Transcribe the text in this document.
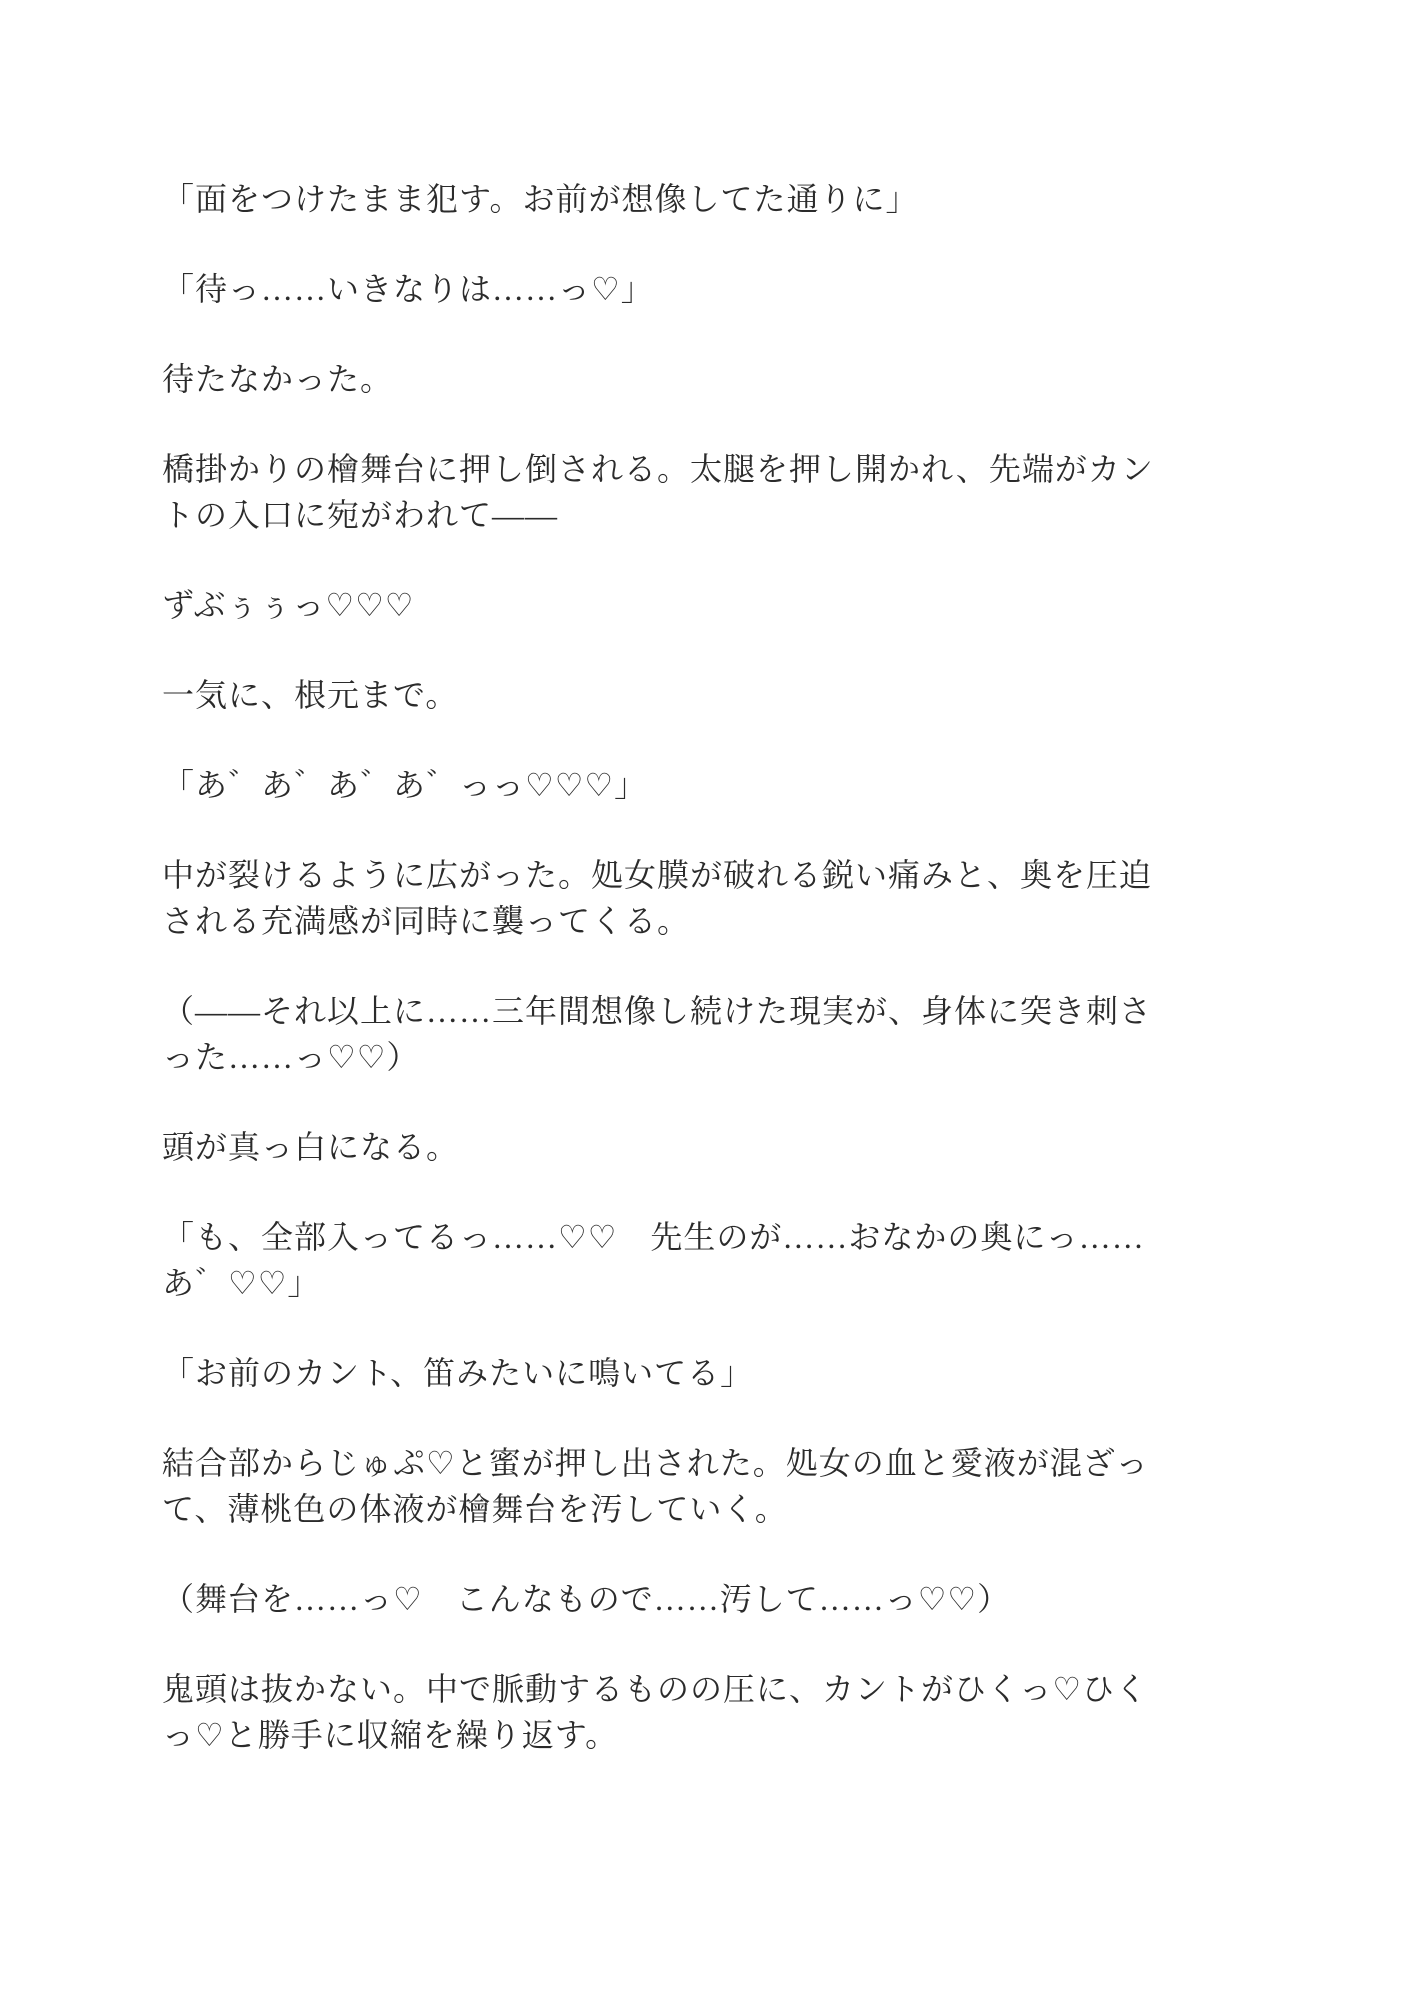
「面をつけたまま犯す。お前が想像してた通りに」

「待っ……いきなりは……っ♡」

待たなかった。

橋掛かりの檜舞台に押し倒される。太腿を押し開かれ、先端がカン
トの入口に宛がわれて——

ずぶぅぅっ♡♡♡

一気に、根元まで。

「あ゛あ゛あ゛あ゛っっ♡♡♡」

中が裂けるように広がった。処女膜が破れる鋭い痛みと、奥を圧迫
される充満感が同時に襲ってくる。

（——それ以上に……三年間想像し続けた現実が、身体に突き刺さ
った……っ♡♡）

頭が真っ白になる。

「も、全部入ってるっ……♡♡　先生のが……おなかの奥にっ……
あ゛♡♡」

「お前のカント、笛みたいに鳴いてる」

結合部からじゅぷ♡と蜜が押し出された。処女の血と愛液が混ざっ
て、薄桃色の体液が檜舞台を汚していく。

（舞台を……っ♡　こんなもので……汚して……っ♡♡）

鬼頭は抜かない。中で脈動するものの圧に、カントがひくっ♡ひく
っ♡と勝手に収縮を繰り返す。
